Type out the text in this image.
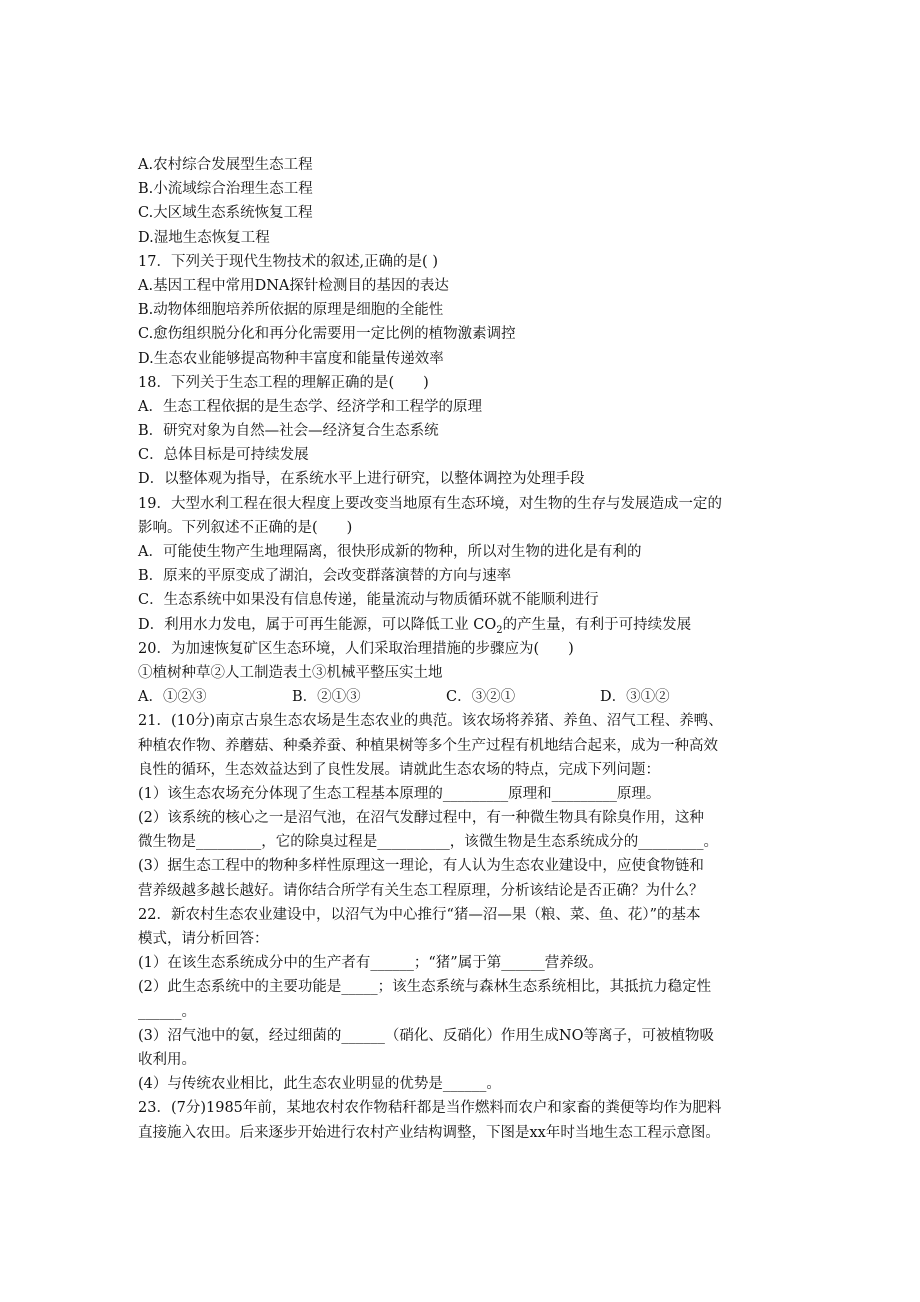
A.农村综合发展型生态工程
B.小流域综合治理生态工程
C.大区域生态系统恢复工程
D.湿地生态恢复工程
17．下列关于现代生物技术的叙述,正确的是( )
A.基因工程中常用DNA探针检测目的基因的表达
B.动物体细胞培养所依据的原理是细胞的全能性
C.愈伤组织脱分化和再分化需要用一定比例的植物激素调控
D.生态农业能够提高物种丰富度和能量传递效率
18．下列关于生态工程的理解正确的是(　　)
A．生态工程依据的是生态学、经济学和工程学的原理
B．研究对象为自然—社会—经济复合生态系统
C．总体目标是可持续发展
D．以整体观为指导，在系统水平上进行研究，以整体调控为处理手段
19．大型水利工程在很大程度上要改变当地原有生态环境，对生物的生存与发展造成一定的
影响。下列叙述不正确的是(　　)
A．可能使生物产生地理隔离，很快形成新的物种，所以对生物的进化是有利的
B．原来的平原变成了湖泊，会改变群落演替的方向与速率
C．生态系统中如果没有信息传递，能量流动与物质循环就不能顺利进行
D．利用水力发电，属于可再生能源，可以降低工业 $CO_2$的产生量，有利于可持续发展
20．为加速恢复矿区生态环境，人们采取治理措施的步骤应为(　　)
①植树种草②人工制造表土③机械平整压实土地
A．①②③	B．②①③	C．③②①	D．③①②
21．(10分)南京古泉生态农场是生态农业的典范。该农场将养猪、养鱼、沼气工程、养鸭、
种植农作物、养蘑菇、种桑养蚕、种植果树等多个生产过程有机地结合起来，成为一种高效
良性的循环，生态效益达到了良性发展。请就此生态农场的特点，完成下列问题：
(1）该生态农场充分体现了生态工程基本原理的_________原理和_________原理。
(2）该系统的核心之一是沼气池，在沼气发酵过程中，有一种微生物具有除臭作用，这种
微生物是_________，它的除臭过程是__________，该微生物是生态系统成分的_________。
(3）据生态工程中的物种多样性原理这一理论，有人认为生态农业建设中，应使食物链和
营养级越多越长越好。请你结合所学有关生态工程原理，分析该结论是否正确？为什么？
22．新农村生态农业建设中，以沼气为中心推行“猪—沼—果（粮、菜、鱼、花）”的基本
模式，请分析回答：
(1）在该生态系统成分中的生产者有______；“猪”属于第______营养级。
(2）此生态系统中的主要功能是_____；该生态系统与森林生态系统相比，其抵抗力稳定性
______。
(3）沼气池中的氨，经过细菌的______（硝化、反硝化）作用生成NO等离子，可被植物吸
收利用。
(4）与传统农业相比，此生态农业明显的优势是______。
23．(7分)1985年前，某地农村农作物秸秆都是当作燃料而农户和家畜的粪便等均作为肥料
直接施入农田。后来逐步开始进行农村产业结构调整，下图是xx年时当地生态工程示意图。
